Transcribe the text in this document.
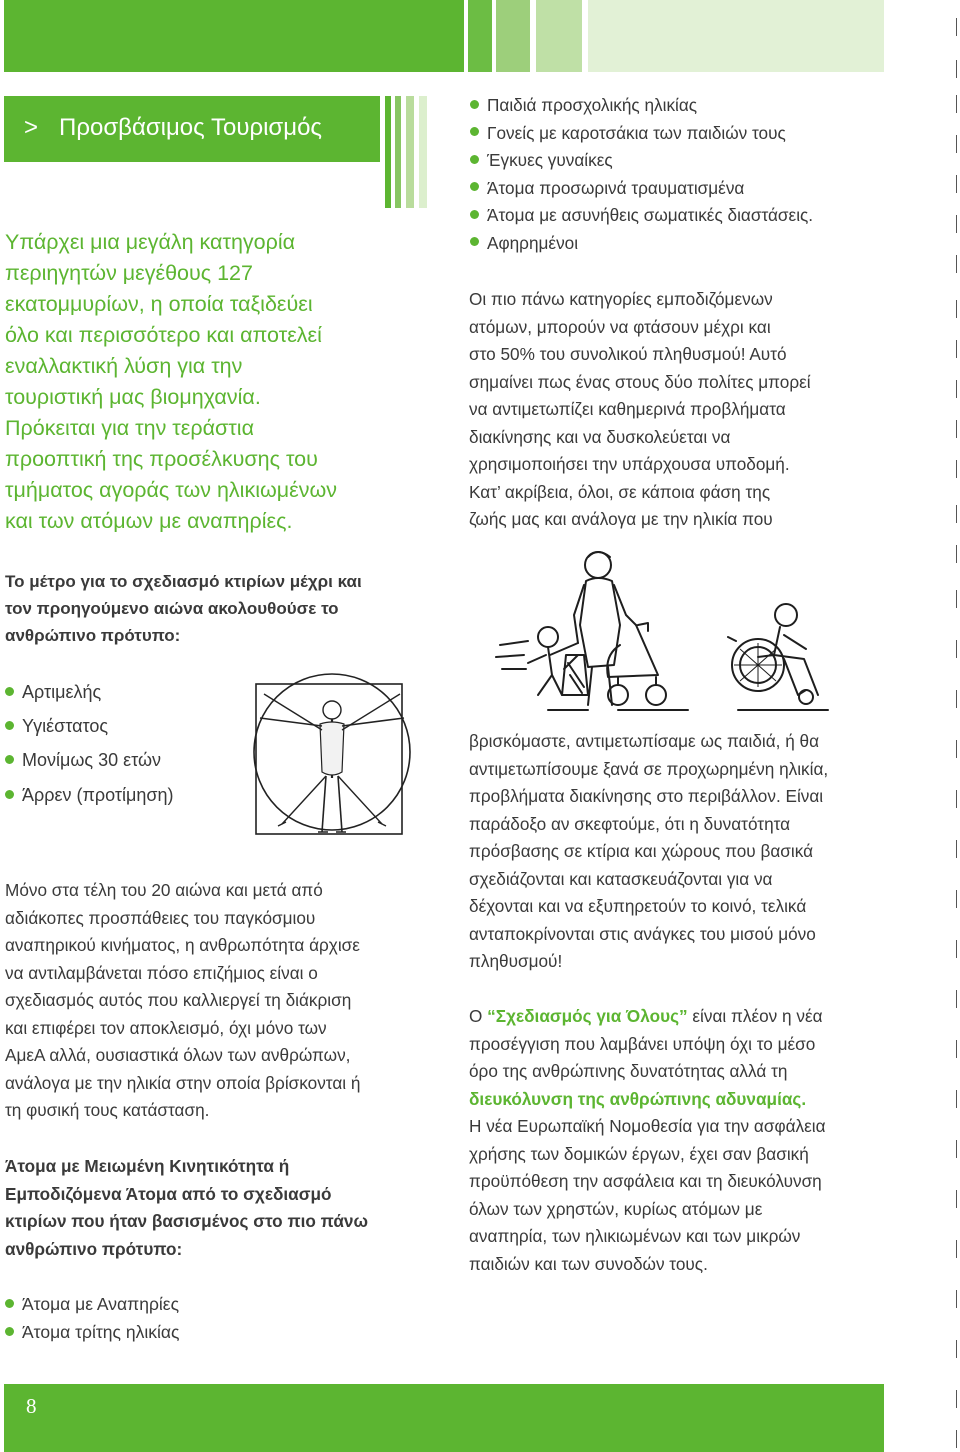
> Προσβάσιμος Τουρισμός
Υπάρχει μια μεγάλη κατηγορία
περιηγητών μεγέθους 127
εκατομμυρίων, η οποία ταξιδεύει
όλο και περισσότερο και αποτελεί
εναλλακτική λύση για την
τουριστική μας βιομηχανία.
Πρόκειται για την τεράστια
προοπτική της προσέλκυσης του
τμήματος αγοράς των ηλικιωμένων
και των ατόμων με αναπηρίες.
Το μέτρο για το σχεδιασμό κτιρίων μέχρι και
τον προηγούμενο αιώνα ακολουθούσε το
ανθρώπινο πρότυπο:
Αρτιμελής
Υγιέστατος
Μονίμως 30 ετών
Άρρεν (προτίμηση)
Μόνο στα τέλη του 20 αιώνα και μετά από
αδιάκοπες προσπάθειες του παγκόσμιου
αναπηρικού κινήματος, η ανθρωπότητα άρχισε
να αντιλαμβάνεται πόσο επιζήμιος είναι ο
σχεδιασμός αυτός που καλλιεργεί τη διάκριση
και επιφέρει τον αποκλεισμό, όχι μόνο των
ΑμεΑ αλλά, ουσιαστικά όλων των ανθρώπων,
ανάλογα με την ηλικία στην οποία βρίσκονται ή
τη φυσική τους κατάσταση.
Άτομα με Μειωμένη Κινητικότητα ή
Εμποδιζόμενα Άτομα από το σχεδιασμό
κτιρίων που ήταν βασισμένος στο πιο πάνω
ανθρώπινο πρότυπο:
Άτομα με Αναπηρίες
Άτομα τρίτης ηλικίας
Παιδιά προσχολικής ηλικίας
Γονείς με καροτσάκια των παιδιών τους
Έγκυες γυναίκες
Άτομα προσωρινά τραυματισμένα
Άτομα με ασυνήθεις σωματικές διαστάσεις.
Αφηρημένοι
Οι πιο πάνω κατηγορίες εμποδιζόμενων
ατόμων, μπορούν να φτάσουν μέχρι και
στο 50% του συνολικού πληθυσμού! Αυτό
σημαίνει πως ένας στους δύο πολίτες μπορεί
να αντιμετωπίζει καθημερινά προβλήματα
διακίνησης και να δυσκολεύεται να
χρησιμοποιήσει την υπάρχουσα υποδομή.
Κατ’ ακρίβεια, όλοι, σε κάποια φάση της
ζωής μας και ανάλογα με την ηλικία που
βρισκόμαστε, αντιμετωπίσαμε ως παιδιά, ή θα
αντιμετωπίσουμε ξανά σε προχωρημένη ηλικία,
προβλήματα διακίνησης στο περιβάλλον. Είναι
παράδοξο αν σκεφτούμε, ότι η δυνατότητα
πρόσβασης σε κτίρια και χώρους που βασικά
σχεδιάζονται και κατασκευάζονται για να
δέχονται και να εξυπηρετούν το κοινό, τελικά
ανταποκρίνονται στις ανάγκες του μισού μόνο
πληθυσμού!
Ο “Σχεδιασμός για Όλους” είναι πλέον η νέα
προσέγγιση που λαμβάνει υπόψη όχι το μέσο
όρο της ανθρώπινης δυνατότητας αλλά τη
διευκόλυνση της ανθρώπινης αδυναμίας.
Η νέα Ευρωπαϊκή Νομοθεσία για την ασφάλεια
χρήσης των δομικών έργων, έχει σαν βασική
προϋπόθεση την ασφάλεια και τη διευκόλυνση
όλων των χρηστών, κυρίως ατόμων με
αναπηρία, των ηλικιωμένων και των μικρών
παιδιών και των συνοδών τους.
8
